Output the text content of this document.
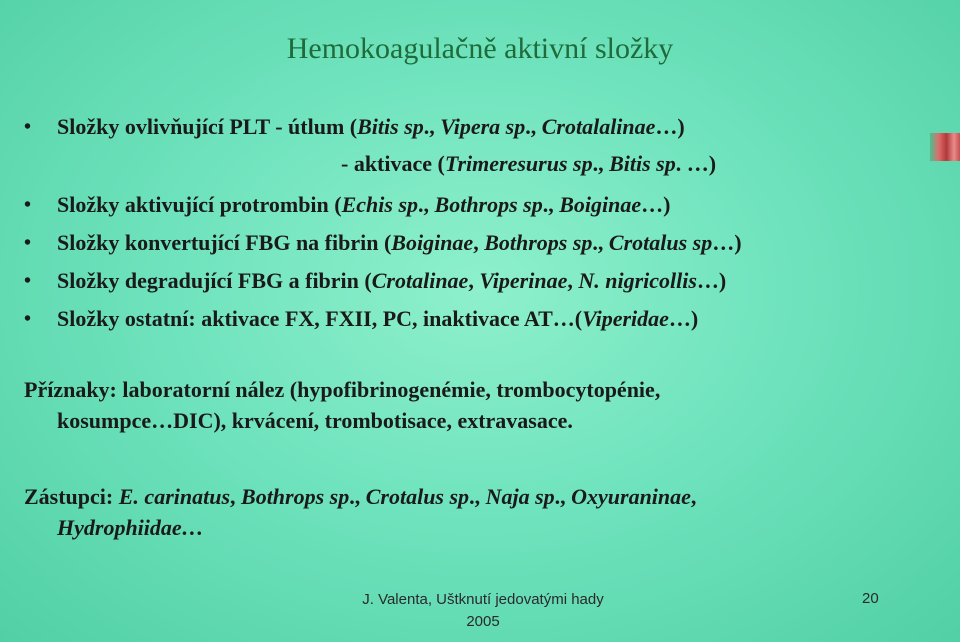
Hemokoagulačně aktivní složky
• Složky ovlivňující PLT - útlum (Bitis sp., Vipera sp., Crotalalinae…)
- aktivace (Trimeresurus sp., Bitis sp. …)
• Složky aktivující protrombin (Echis sp., Bothrops sp., Boiginae…)
• Složky konvertující FBG na fibrin (Boiginae, Bothrops sp., Crotalus sp…)
• Složky degradující FBG a fibrin (Crotalinae, Viperinae, N. nigricollis…)
• Složky ostatní: aktivace FX, FXII, PC, inaktivace AT…(Viperidae…)
Příznaky: laboratorní nález (hypofibrinogenémie, trombocytopénie,
kosumpce…DIC), krvácení, trombotisace, extravasace.
Zástupci: E. carinatus, Bothrops sp., Crotalus sp., Naja sp., Oxyuraninae,
Hydrophiidae…
J. Valenta, Uštknutí jedovatými hady
2005
20
